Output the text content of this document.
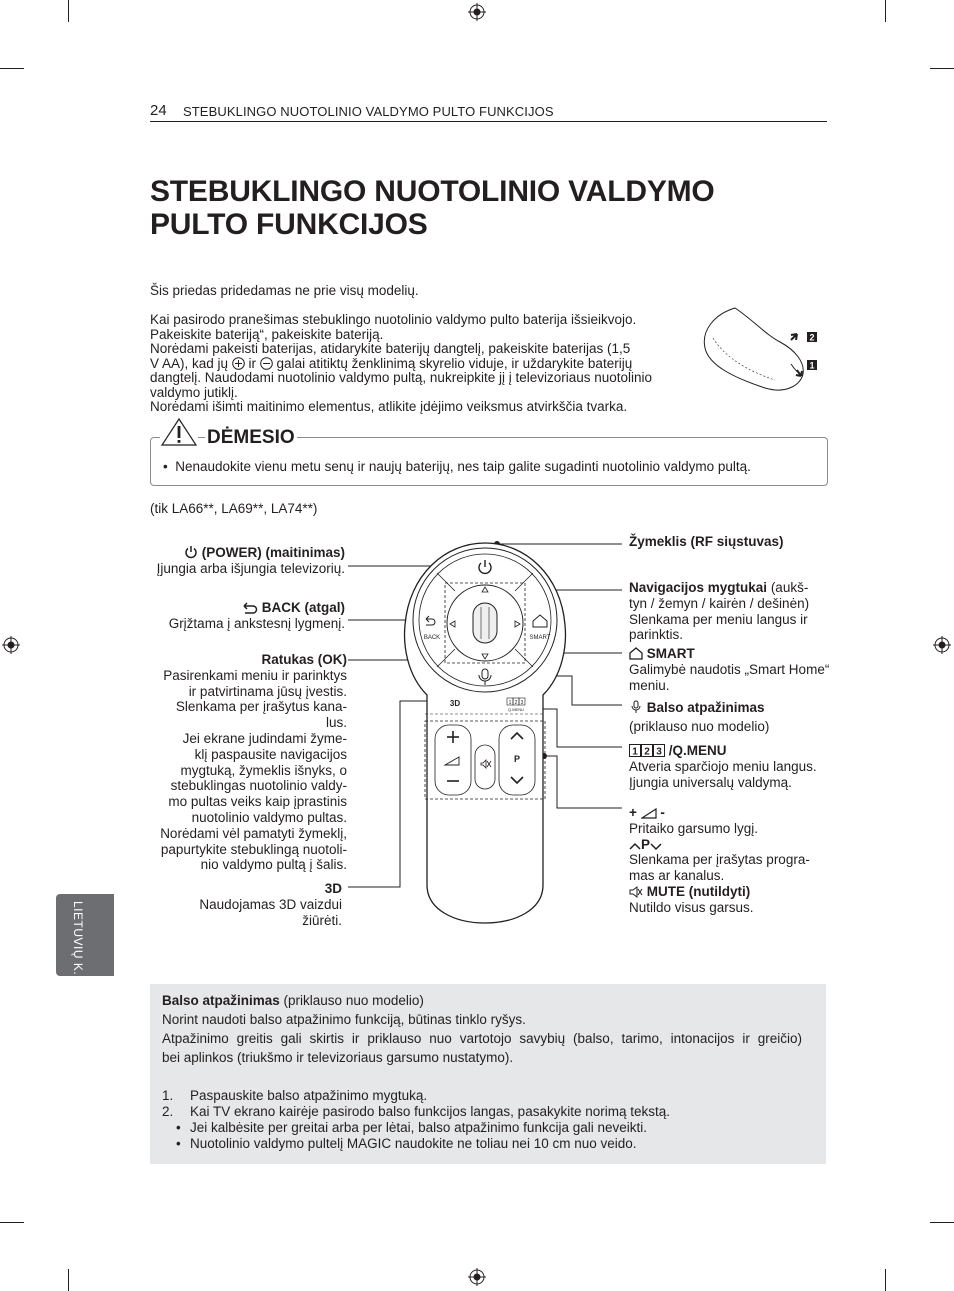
24 STEBUKLINGO NUOTOLINIO VALDYMO PULTO FUNKCIJOS
STEBUKLINGO NUOTOLINIO VALDYMO
PULTO FUNKCIJOS
Šis priedas pridedamas ne prie visų modelių.
Kai pasirodo pranešimas stebuklingo nuotolinio valdymo pulto baterija išsieikvojo.
Pakeiskite bateriją“, pakeiskite bateriją.
Norėdami pakeisti baterijas, atidarykite baterijų dangtelį, pakeiskite baterijas (1,5
V AA), kad jų  ir  galai atitiktų ženklinimą skyrelio viduje, ir uždarykite baterijų
dangtelį. Naudodami nuotolinio valdymo pultą, nukreipkite jį į televizoriaus nuotolinio
valdymo jutiklį.
Norėdami išimti maitinimo elementus, atlikite įdėjimo veiksmus atvirkščia tvarka.
2
1
DĖMESIO
•  Nenaudokite vienu metu senų ir naujų baterijų, nes taip galite sugadinti nuotolinio valdymo pultą.
(tik LA66**, LA69**, LA74**)
BACK	SMART
3D	1 2 3
Q.MENU
P
(POWER) (maitinimas)
Įjungia arba išjungia televizorių.
BACK (atgal)
Grįžtama į ankstesnį lygmenį.
Ratukas (OK)
Pasirenkami meniu ir parinktys
ir patvirtinama jūsų įvestis.
Slenkama per įrašytus kana-
lus.
Jei ekrane judindami žyme-
klį paspausite navigacijos
mygtuką, žymeklis išnyks, o
stebuklingas nuotolinio valdy-
mo pultas veiks kaip įprastinis
nuotolinio valdymo pultas.
Norėdami vėl pamatyti žymeklį,
papurtykite stebuklingą nuotoli-
nio valdymo pultą į šalis.
3D
Naudojamas 3D vaizdui
žiūrėti.
Žymeklis (RF siųstuvas)
Navigacijos mygtukai (aukš-
tyn / žemyn / kairėn / dešinėn)
Slenkama per meniu langus ir
parinktis.
SMART
Galimybė naudotis „Smart Home“
meniu.
Balso atpažinimas
(priklauso nuo modelio)
1 2 3 /Q.MENU
Atveria sparčiojo meniu langus.
Įjungia universalų valdymą.
+ -
Pritaiko garsumo lygį.
P
Slenkama per įrašytas progra-
mas ar kanalus.
MUTE (nutildyti)
Nutildo visus garsus.
LIETUVIŲ K.
Balso atpažinimas (priklauso nuo modelio)
Norint naudoti balso atpažinimo funkciją, būtinas tinklo ryšys.
Atpažinimo greitis gali skirtis ir priklauso nuo vartotojo savybių (balso, tarimo, intonacijos ir greičio)
bei aplinkos (triukšmo ir televizoriaus garsumo nustatymo).
1. Paspauskite balso atpažinimo mygtuką.
2. Kai TV ekrano kairėje pasirodo balso funkcijos langas, pasakykite norimą tekstą.
• Jei kalbėsite per greitai arba per lėtai, balso atpažinimo funkcija gali neveikti.
• Nuotolinio valdymo pultelį MAGIC naudokite ne toliau nei 10 cm nuo veido.
